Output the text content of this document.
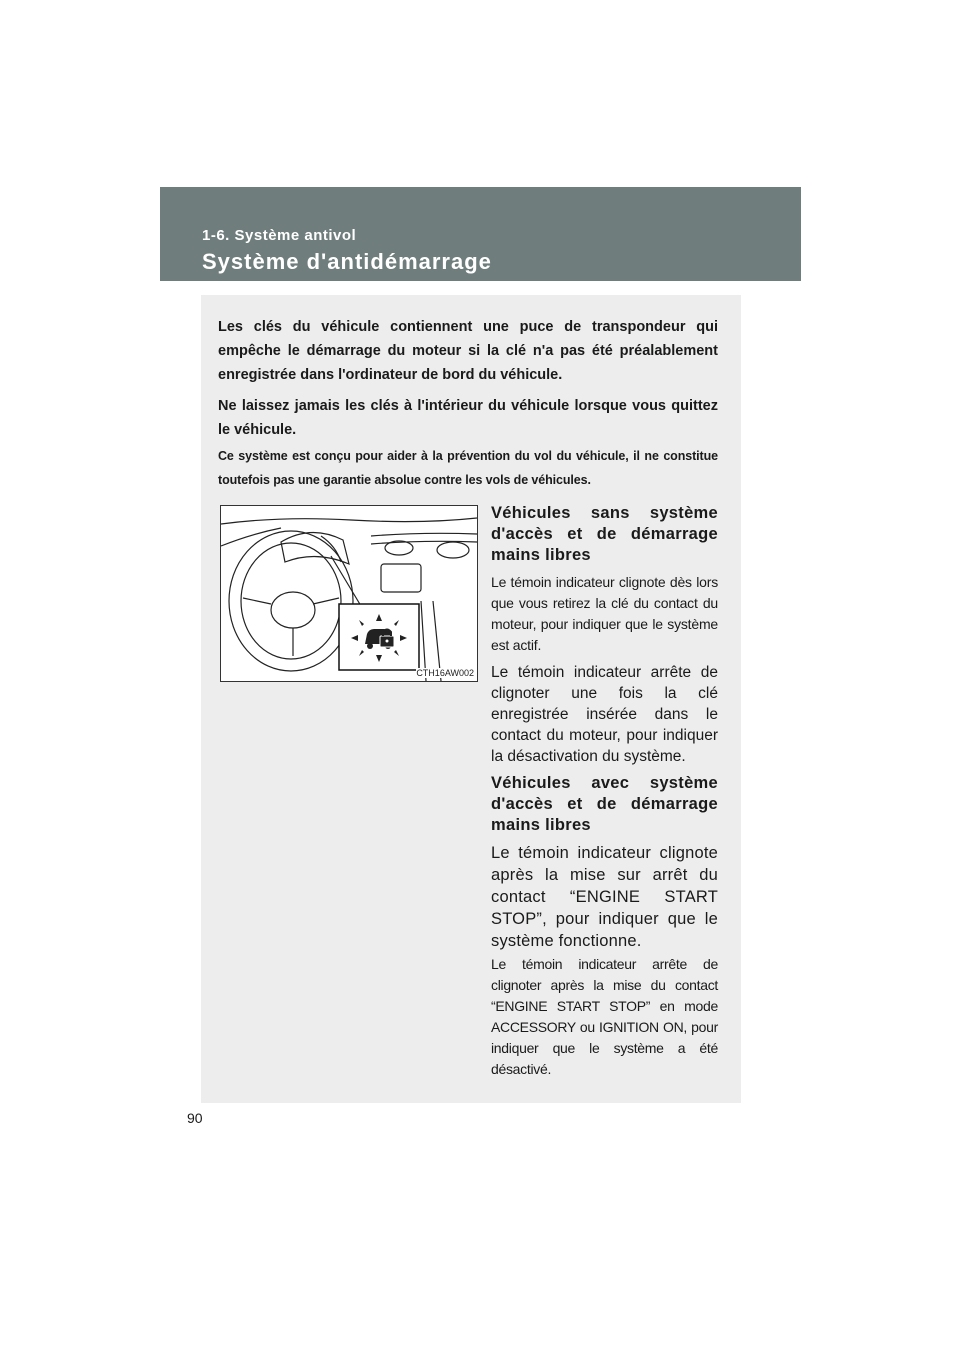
1-6. Système antivol
Système d'antidémarrage

Les clés du véhicule contiennent une puce de transpondeur qui empêche le démarrage du moteur si la clé n'a pas été préalablement enregistrée dans l'ordinateur de bord du véhicule.

Ne laissez jamais les clés à l'intérieur du véhicule lorsque vous quittez le véhicule.

Ce système est conçu pour aider à la prévention du vol du véhicule, il ne constitue toutefois pas une garantie absolue contre les vols de véhicules.

CTH16AW002
Véhicules sans système d'accès et de démarrage mains libres

Le témoin indicateur clignote dès lors que vous retirez la clé du contact du moteur, pour indiquer que le système est actif.

Le témoin indicateur arrête de clignoter une fois la clé enregistrée insérée dans le contact du moteur, pour indiquer la désactivation du système.

Véhicules avec système d'accès et de démarrage mains libres

Le témoin indicateur clignote après la mise sur arrêt du contact “ENGINE START STOP”, pour indiquer que le système fonctionne.

Le témoin indicateur arrête de clignoter après la mise du contact “ENGINE START STOP” en mode ACCESSORY ou IGNITION ON, pour indiquer que le système a été désactivé.

90
